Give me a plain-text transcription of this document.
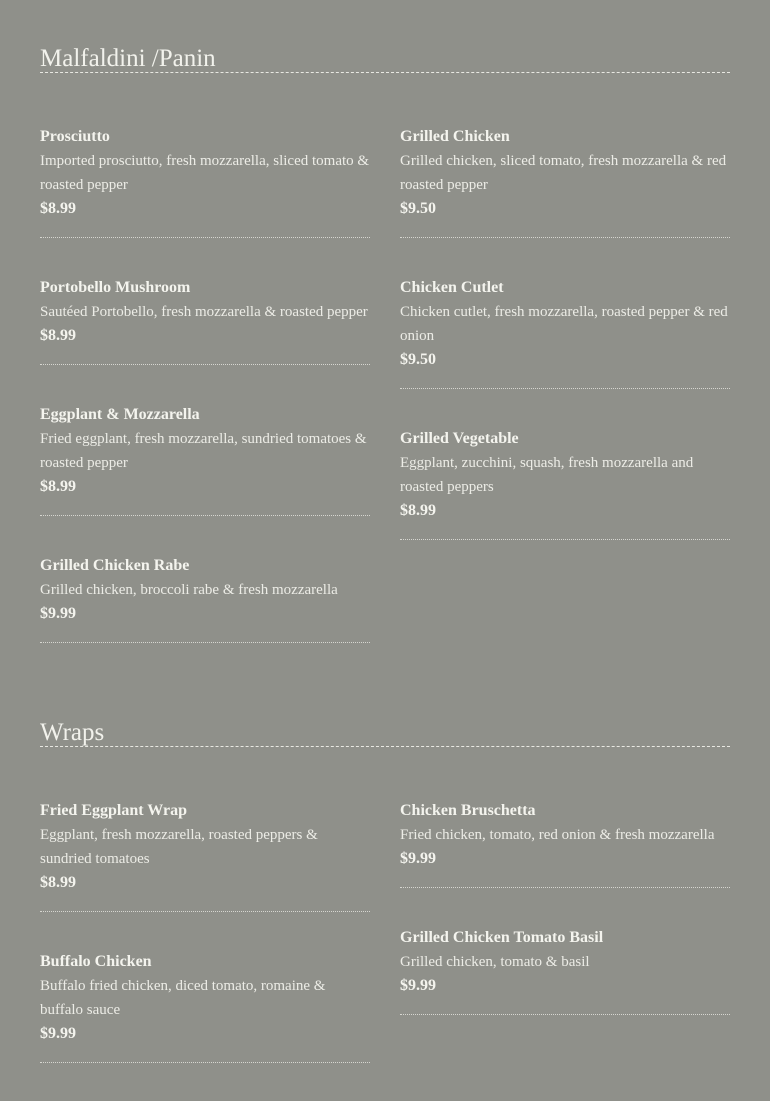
Malfaldini /Panin
Prosciutto
Imported prosciutto, fresh mozzarella, sliced tomato & roasted pepper
$8.99
Portobello Mushroom
Sautéed Portobello, fresh mozzarella & roasted pepper
$8.99
Eggplant & Mozzarella
Fried eggplant, fresh mozzarella, sundried tomatoes & roasted pepper
$8.99
Grilled Chicken Rabe
Grilled chicken, broccoli rabe & fresh mozzarella
$9.99
Grilled Chicken
Grilled chicken, sliced tomato, fresh mozzarella & red roasted pepper
$9.50
Chicken Cutlet
Chicken cutlet, fresh mozzarella, roasted pepper & red onion
$9.50
Grilled Vegetable
Eggplant, zucchini, squash, fresh mozzarella and roasted peppers
$8.99
Wraps
Fried Eggplant Wrap
Eggplant, fresh mozzarella, roasted peppers & sundried tomatoes
$8.99
Buffalo Chicken
Buffalo fried chicken, diced tomato, romaine & buffalo sauce
$9.99
Chicken Bruschetta
Fried chicken, tomato, red onion & fresh mozzarella
$9.99
Grilled Chicken Tomato Basil
Grilled chicken, tomato & basil
$9.99
